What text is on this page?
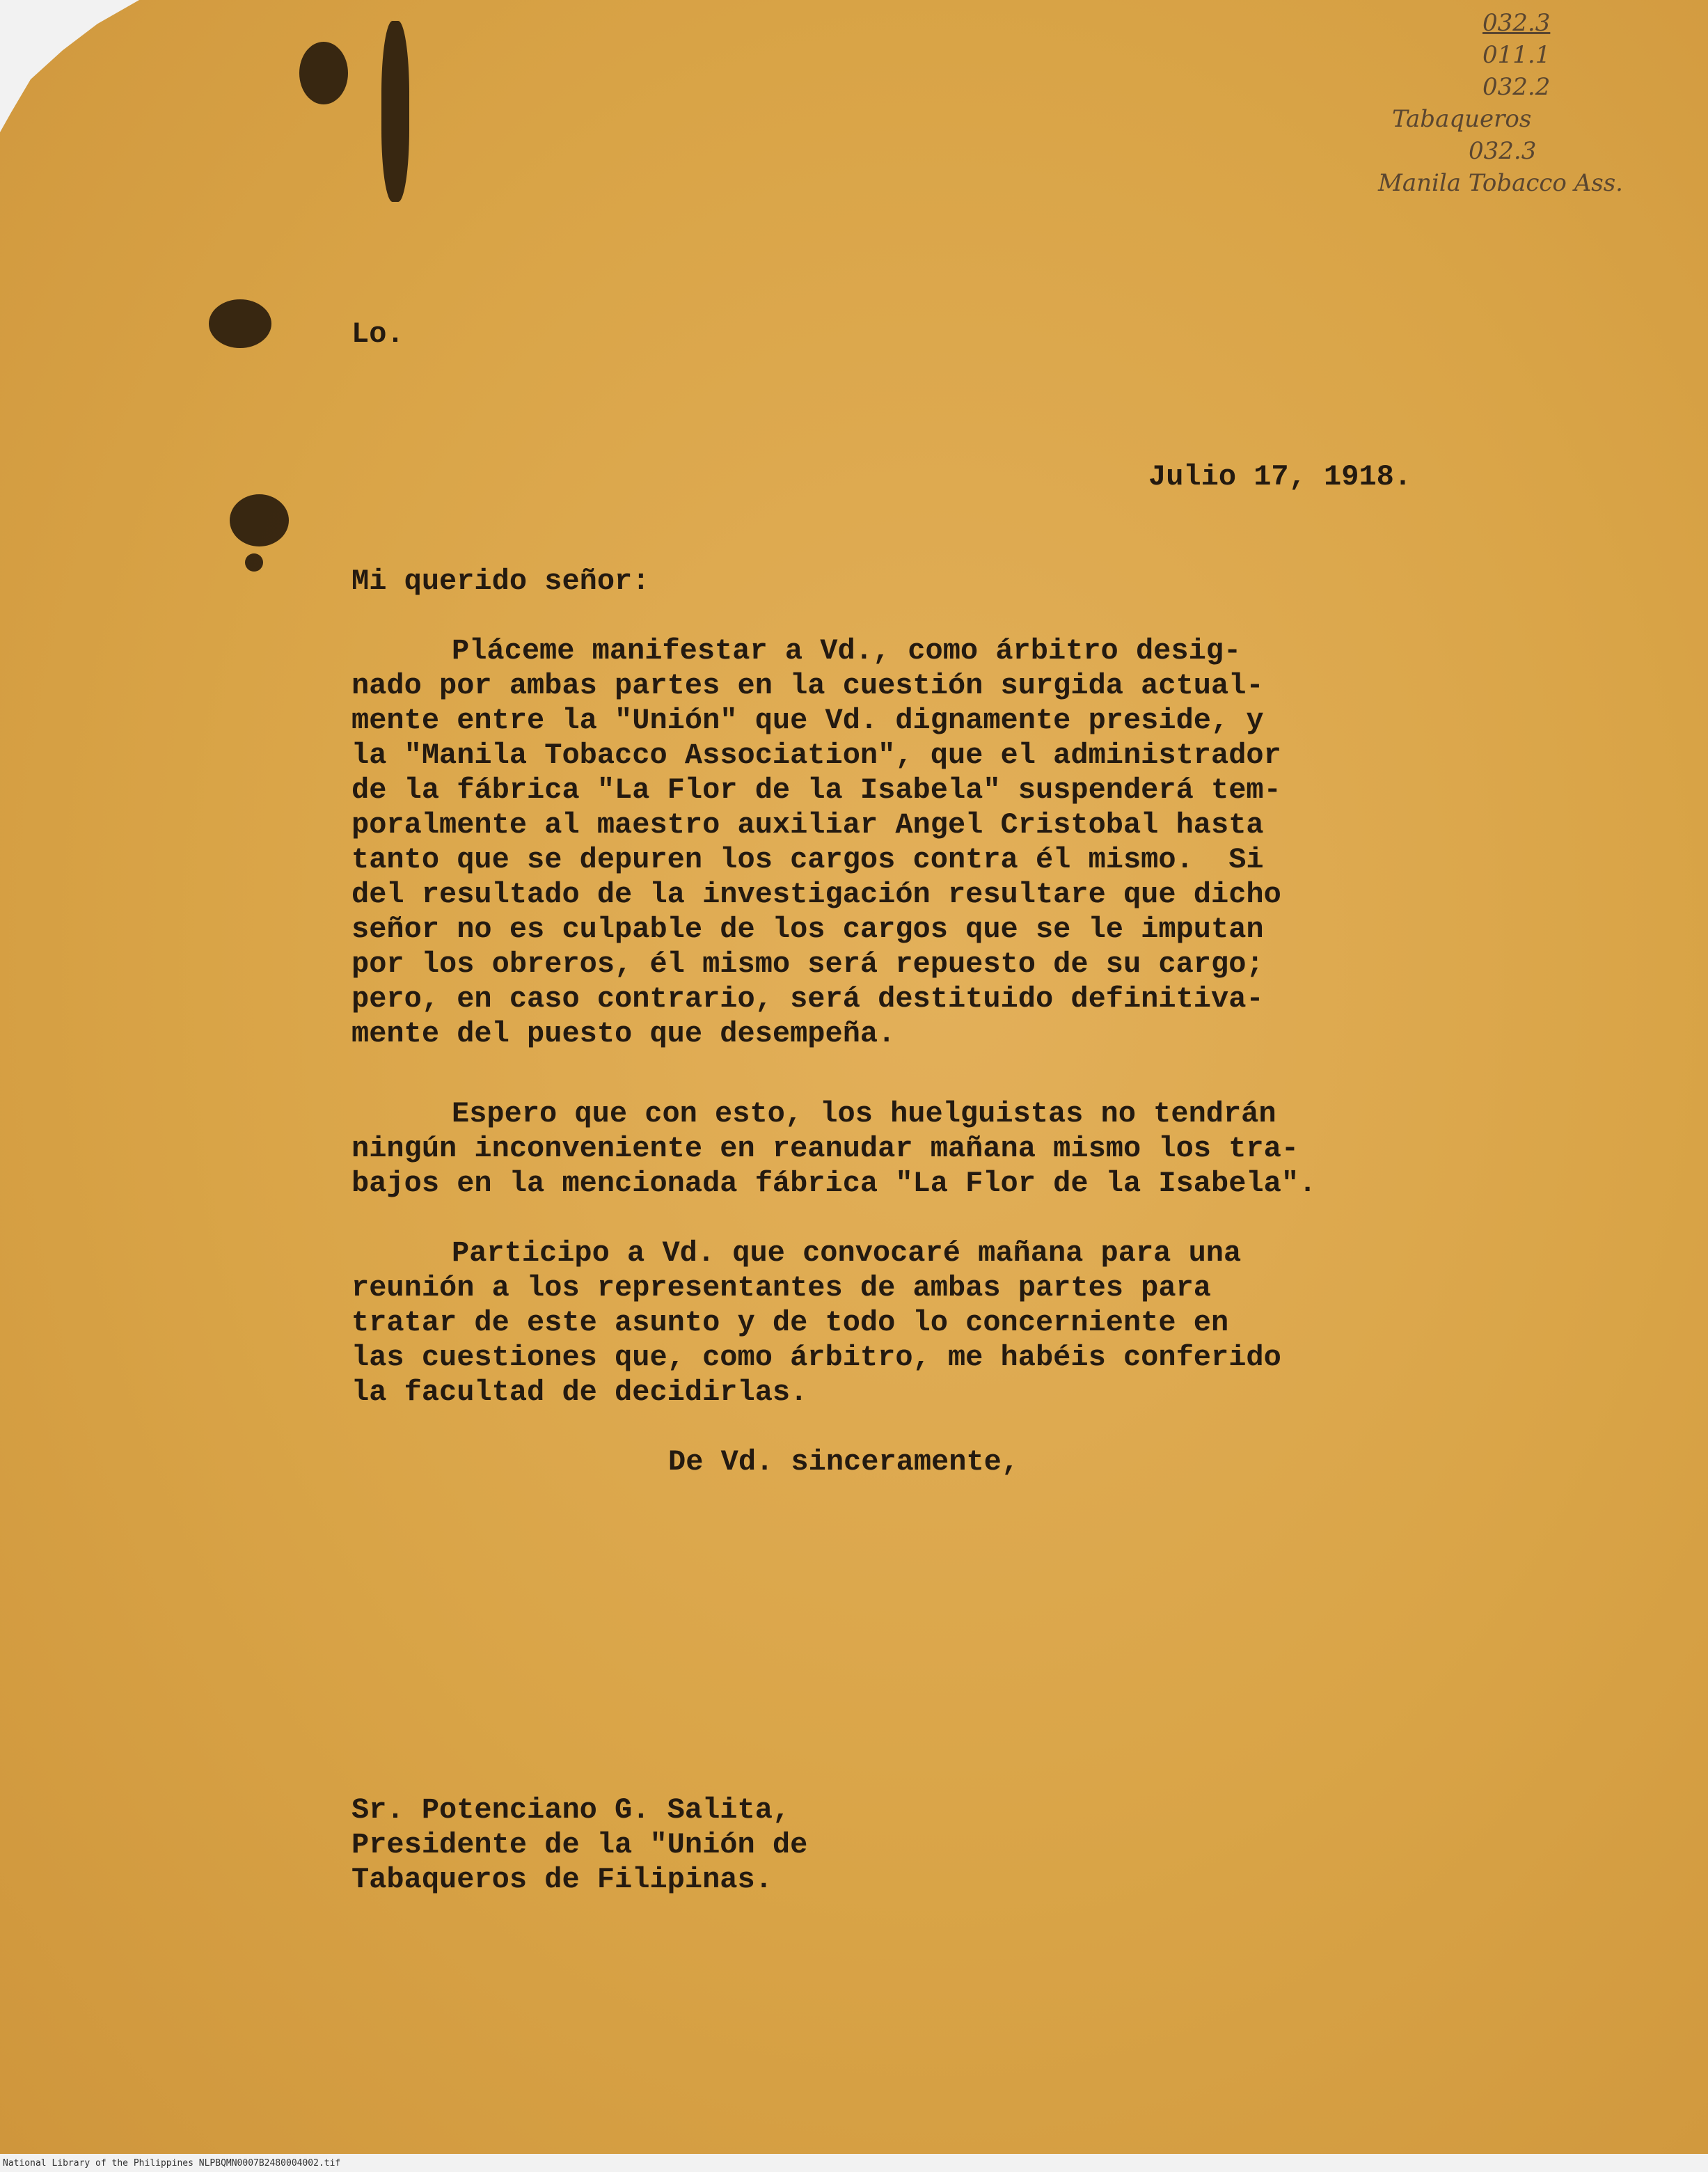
032.3
011.1
032.2
Tabaqueros
032.3
Manila Tobacco Ass.

Lo.

Julio 17, 1918.

Mi querido señor:

Pláceme manifestar a Vd., como árbitro desig-
nado por ambas partes en la cuestión surgida actual-
mente entre la "Unión" que Vd. dignamente preside, y
la "Manila Tobacco Association", que el administrador
de la fábrica "La Flor de la Isabela" suspenderá tem-
poralmente al maestro auxiliar Angel Cristobal hasta
tanto que se depuren los cargos contra él mismo.  Si
del resultado de la investigación resultare que dicho
señor no es culpable de los cargos que se le imputan
por los obreros, él mismo será repuesto de su cargo;
pero, en caso contrario, será destituido definitiva-
mente del puesto que desempeña.

Espero que con esto, los huelguistas no tendrán
ningún inconveniente en reanudar mañana mismo los tra-
bajos en la mencionada fábrica "La Flor de la Isabela".

Participo a Vd. que convocaré mañana para una
reunión a los representantes de ambas partes para
tratar de este asunto y de todo lo concerniente en
las cuestiones que, como árbitro, me habéis conferido
la facultad de decidirlas.

De Vd. sinceramente,

Sr. Potenciano G. Salita,
Presidente de la "Unión de
Tabaqueros de Filipinas.

National Library of the Philippines NLPBQMN0007B2480004002.tif
